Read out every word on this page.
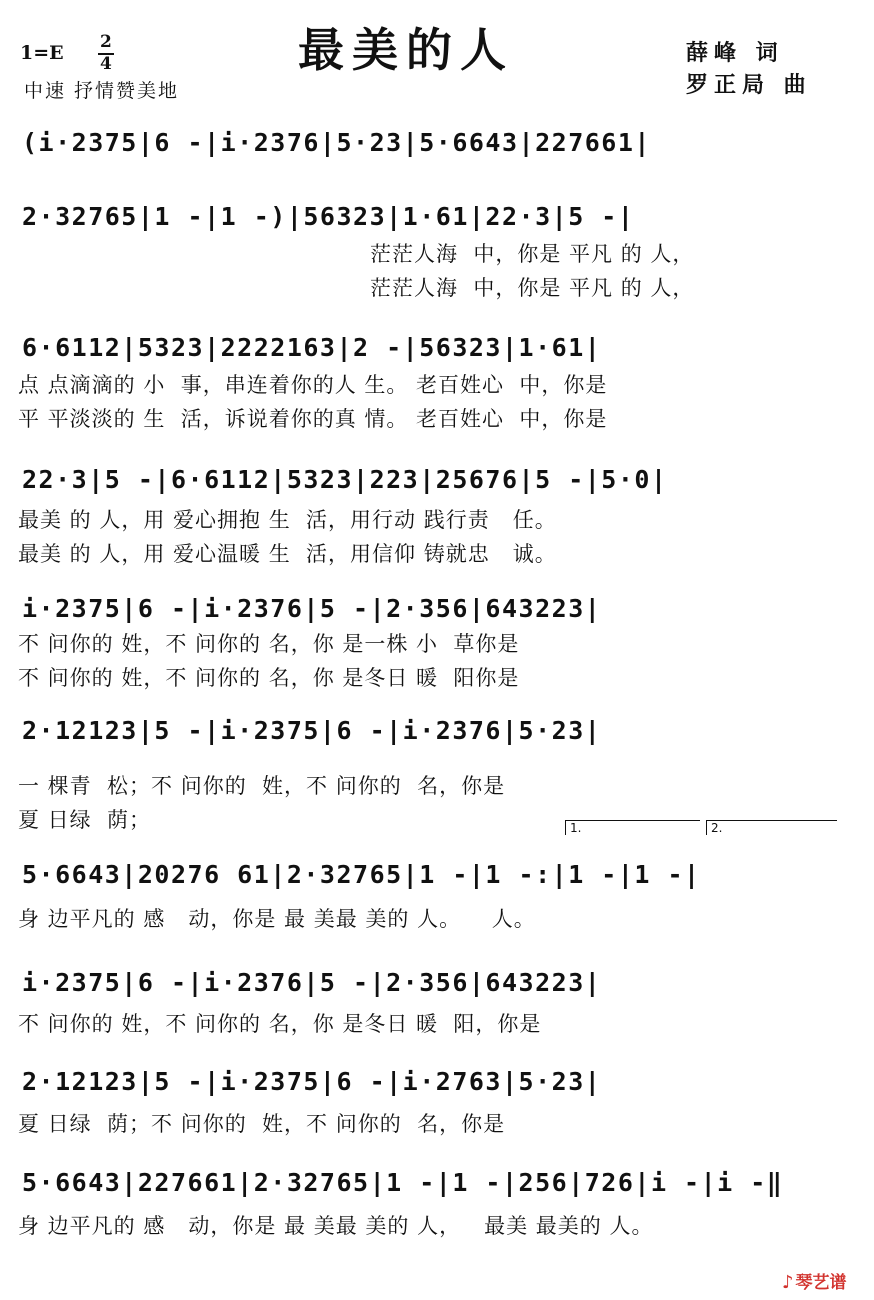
1=E 2
4
中速 抒情赞美地
最美的人	薛峰 词
罗正局 曲
(i·2375|6 -|i·2376|5·23|5·6643|227661|
2·32765|1 -|1 -)|56323|1·61|22·3|5 -|
茫茫人海  中，你是 平凡 的 人，
茫茫人海  中，你是 平凡 的 人，
6·6112|5323|2222163|2 -|56323|1·61|
点 点滴滴的 小  事，串连着你的人 生。 老百姓心  中，你是
平 平淡淡的 生  活，诉说着你的真 情。 老百姓心  中，你是
22·3|5 -|6·6112|5323|223|25676|5 -|5·0|
最美 的 人，用 爱心拥抱 生  活，用行动 践行责   任。
最美 的 人，用 爱心温暖 生  活，用信仰 铸就忠   诚。
i·2375|6 -|i·2376|5 -|2·356|643223|
不 问你的 姓，不 问你的 名，你 是一株 小  草你是
不 问你的 姓，不 问你的 名，你 是冬日 暖  阳你是
2·12123|5 -|i·2375|6 -|i·2376|5·23|
一 棵青  松；不 问你的  姓，不 问你的  名，你是
夏 日绿  荫；
5·6643|20276 61|2·32765|1 -|1 -:|1 -|1 -|
身 边平凡的 感   动，你是 最 美最 美的 人。    人。
i·2375|6 -|i·2376|5 -|2·356|643223|
不 问你的 姓，不 问你的 名，你 是冬日 暖  阳，你是
2·12123|5 -|i·2375|6 -|i·2763|5·23|
夏 日绿  荫；不 问你的  姓，不 问你的  名，你是
5·6643|227661|2·32765|1 -|1 -|256|726|i -|i -‖
身 边平凡的 感   动，你是 最 美最 美的 人，   最美 最美的 人。
1.	2.
♪ 琴艺谱
